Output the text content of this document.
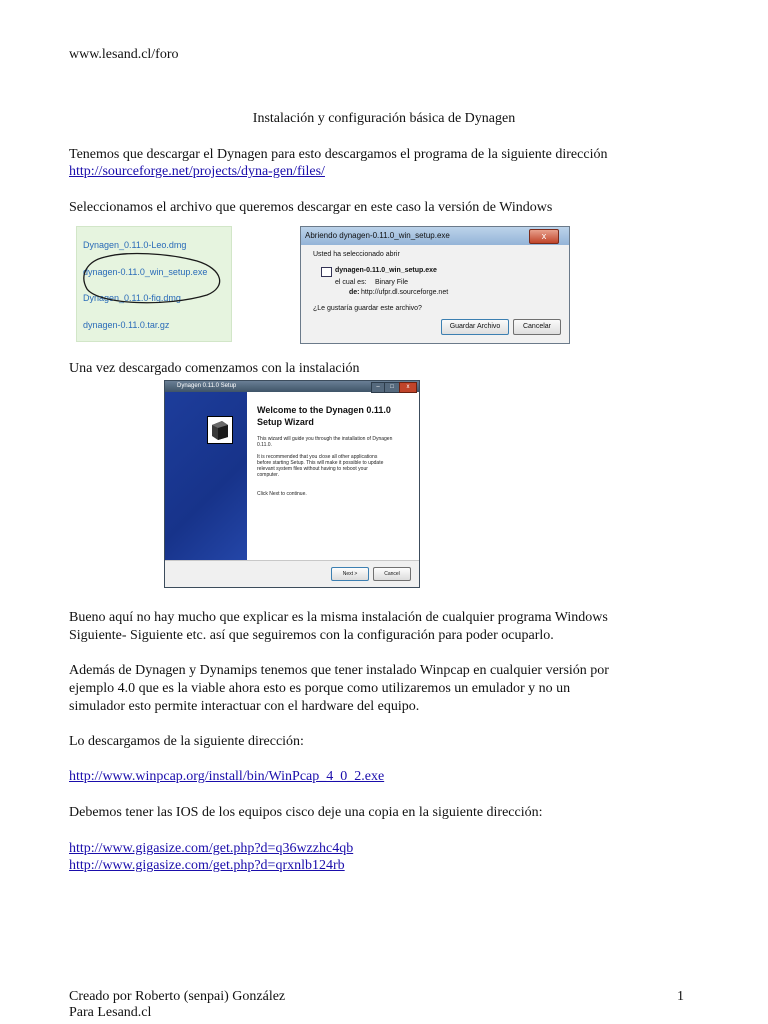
www.lesand.cl/foro
Instalación y configuración básica de Dynagen
Tenemos que descargar el Dynagen para esto descargamos el programa de la siguiente dirección
http://sourceforge.net/projects/dyna-gen/files/
Seleccionamos el archivo que queremos descargar en este caso la versión de Windows
Dynagen_0.11.0-Leo.dmg
dynagen-0.11.0_win_setup.exe
Dynagen_0.11.0-fig.dmg
dynagen-0.11.0.tar.gz
Abriendo dynagen-0.11.0_win_setup.exe	x
Usted ha seleccionado abrir
dynagen-0.11.0_win_setup.exe
el cual es: Binary File
de: http://ufpr.dl.sourceforge.net
¿Le gustaría guardar este archivo?
Guardar Archivo	Cancelar
Una vez descargado comenzamos con la instalación
Dynagen 0.11.0 Setup	–	□	x
Welcome to the Dynagen 0.11.0
Setup Wizard
This wizard will guide you through the installation of Dynagen
0.11.0.
It is recommended that you close all other applications
before starting Setup. This will make it possible to update
relevant system files without having to reboot your
computer.
Click Next to continue.
Next >	Cancel
Bueno aquí no hay mucho que explicar es la misma instalación de cualquier programa Windows
Siguiente- Siguiente etc. así que seguiremos con la configuración para poder ocuparlo.
Además de Dynagen y Dynamips tenemos que tener instalado Winpcap en cualquier versión por
ejemplo 4.0 que es la viable ahora esto es porque como utilizaremos un emulador y no un
simulador esto permite interactuar con el hardware del equipo.
Lo descargamos de la siguiente dirección:
http://www.winpcap.org/install/bin/WinPcap_4_0_2.exe
Debemos tener las IOS de los equipos cisco deje una copia en la siguiente dirección:
http://www.gigasize.com/get.php?d=q36wzzhc4qb
http://www.gigasize.com/get.php?d=qrxnlb124rb
Creado por Roberto (senpai) González
Para Lesand.cl
1
